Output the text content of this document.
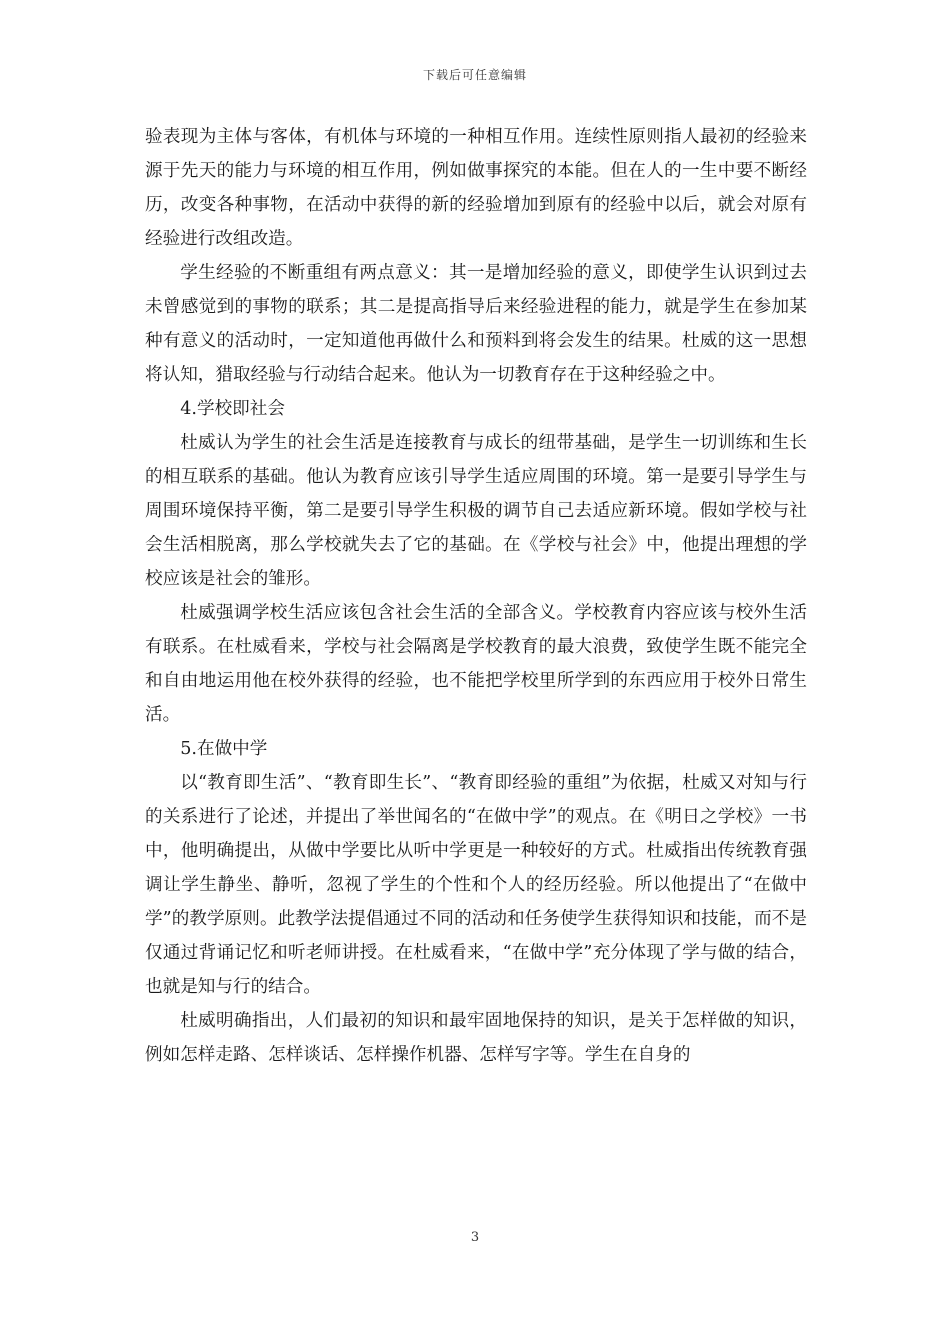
下载后可任意编辑

验表现为主体与客体，有机体与环境的一种相互作用。连续性原则指人最初的经验来源于先天的能力与环境的相互作用，例如做事探究的本能。但在人的一生中要不断经历，改变各种事物，在活动中获得的新的经验增加到原有的经验中以后，就会对原有经验进行改组改造。

学生经验的不断重组有两点意义：其一是增加经验的意义，即使学生认识到过去未曾感觉到的事物的联系；其二是提高指导后来经验进程的能力，就是学生在参加某种有意义的活动时，一定知道他再做什么和预料到将会发生的结果。杜威的这一思想将认知，猎取经验与行动结合起来。他认为一切教育存在于这种经验之中。

4.学校即社会

杜威认为学生的社会生活是连接教育与成长的纽带基础，是学生一切训练和生长的相互联系的基础。他认为教育应该引导学生适应周围的环境。第一是要引导学生与周围环境保持平衡，第二是要引导学生积极的调节自己去适应新环境。假如学校与社会生活相脱离，那么学校就失去了它的基础。在《学校与社会》中，他提出理想的学校应该是社会的雏形。

杜威强调学校生活应该包含社会生活的全部含义。学校教育内容应该与校外生活有联系。在杜威看来，学校与社会隔离是学校教育的最大浪费，致使学生既不能完全和自由地运用他在校外获得的经验，也不能把学校里所学到的东西应用于校外日常生活。

5.在做中学

以“教育即生活”、“教育即生长”、“教育即经验的重组”为依据，杜威又对知与行的关系进行了论述，并提出了举世闻名的“在做中学”的观点。在《明日之学校》一书中，他明确提出，从做中学要比从听中学更是一种较好的方式。杜威指出传统教育强调让学生静坐、静听，忽视了学生的个性和个人的经历经验。所以他提出了“在做中学”的教学原则。此教学法提倡通过不同的活动和任务使学生获得知识和技能，而不是仅通过背诵记忆和听老师讲授。在杜威看来，“在做中学”充分体现了学与做的结合，也就是知与行的结合。

杜威明确指出，人们最初的知识和最牢固地保持的知识，是关于怎样做的知识，例如怎样走路、怎样谈话、怎样操作机器、怎样写字等。学生在自身的

3
